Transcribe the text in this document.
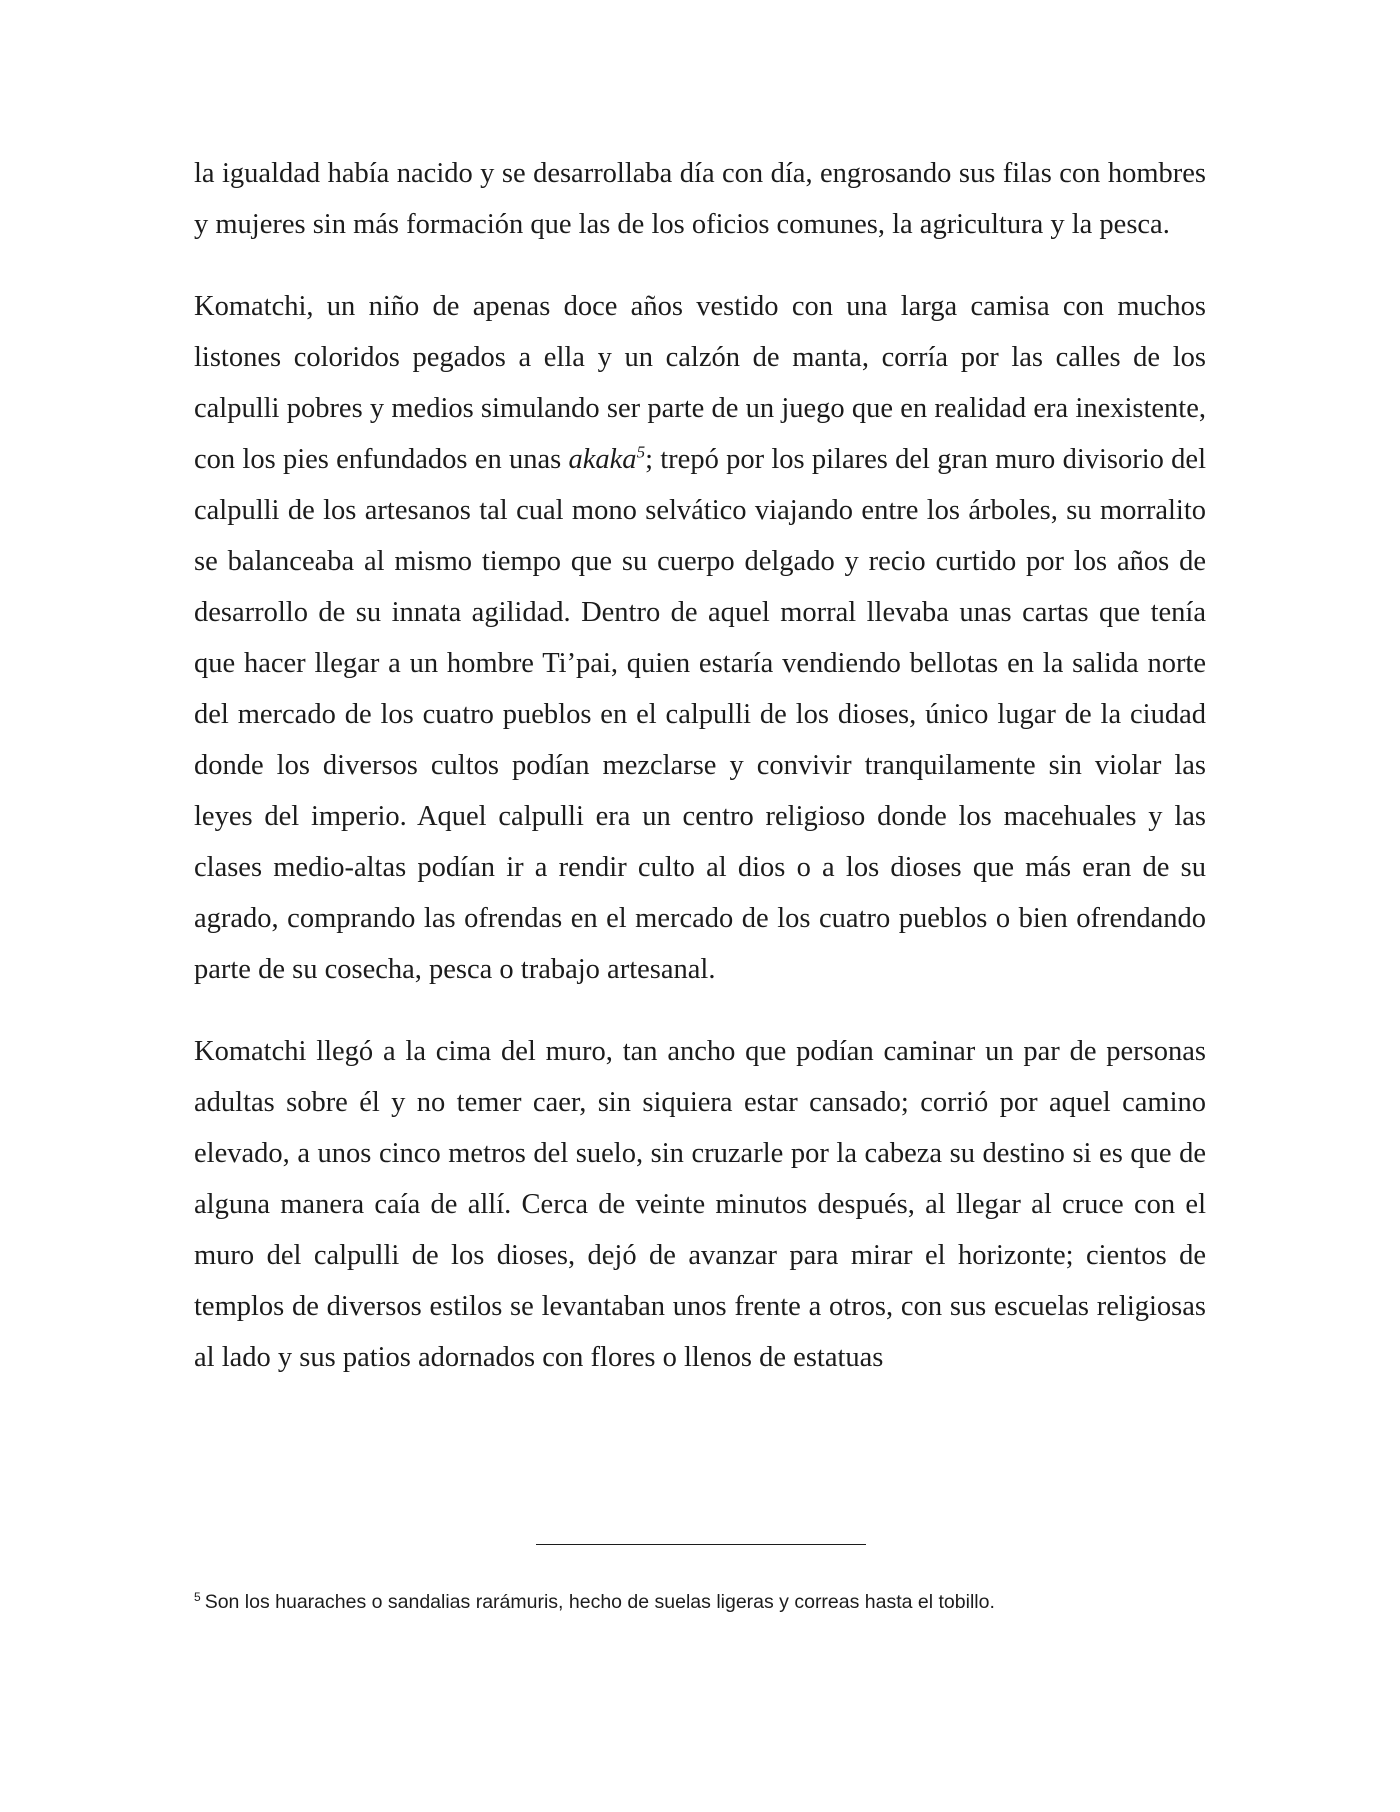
la igualdad había nacido y se desarrollaba día con día, engrosando sus filas con hombres y mujeres sin más formación que las de los oficios comunes, la agricultura y la pesca.

Komatchi, un niño de apenas doce años vestido con una larga camisa con muchos listones coloridos pegados a ella y un calzón de manta, corría por las calles de los calpulli pobres y medios simulando ser parte de un juego que en realidad era inexistente, con los pies enfundados en unas akaka$^5$; trepó por los pilares del gran muro divisorio del calpulli de los artesanos tal cual mono selvático viajando entre los árboles, su morralito se balanceaba al mismo tiempo que su cuerpo delgado y recio curtido por los años de desarrollo de su innata agilidad. Dentro de aquel morral llevaba unas cartas que tenía que hacer llegar a un hombre Ti’pai, quien estaría vendiendo bellotas en la salida norte del mercado de los cuatro pueblos en el calpulli de los dioses, único lugar de la ciudad donde los diversos cultos podían mezclarse y convivir tranquilamente sin violar las leyes del imperio. Aquel calpulli era un centro religioso donde los macehuales y las clases medio-altas podían ir a rendir culto al dios o a los dioses que más eran de su agrado, comprando las ofrendas en el mercado de los cuatro pueblos o bien ofrendando parte de su cosecha, pesca o trabajo artesanal.

Komatchi llegó a la cima del muro, tan ancho que podían caminar un par de personas adultas sobre él y no temer caer, sin siquiera estar cansado; corrió por aquel camino elevado, a unos cinco metros del suelo, sin cruzarle por la cabeza su destino si es que de alguna manera caía de allí. Cerca de veinte minutos después, al llegar al cruce con el muro del calpulli de los dioses, dejó de avanzar para mirar el horizonte; cientos de templos de diversos estilos se levantaban unos frente a otros, con sus escuelas religiosas al lado y sus patios adornados con flores o llenos de estatuas

$^5$ Son los huaraches o sandalias rarámuris, hecho de suelas ligeras y correas hasta el tobillo.
